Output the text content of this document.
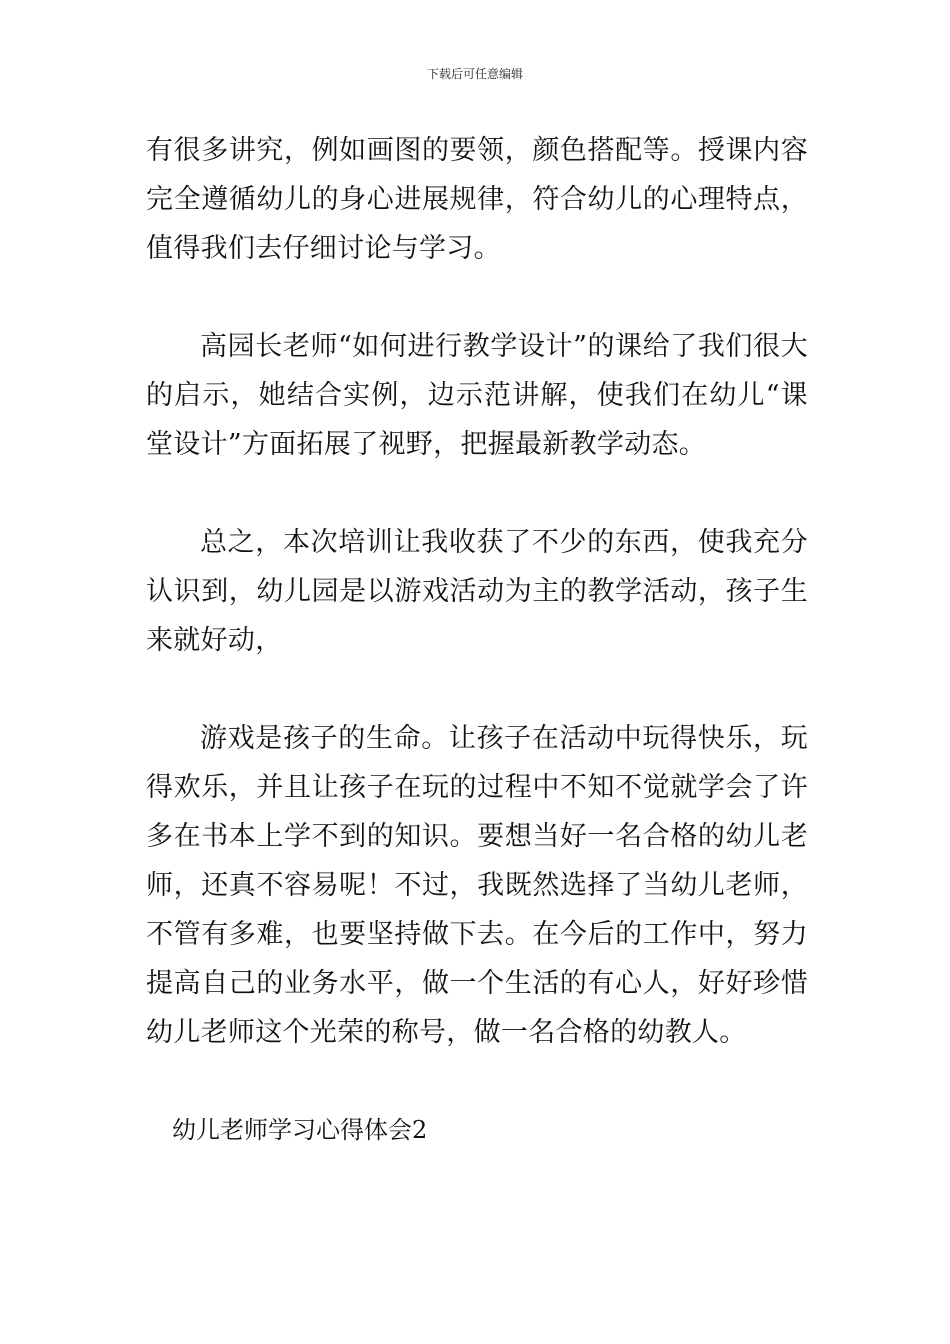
下载后可任意编辑

有很多讲究，例如画图的要领，颜色搭配等。授课内容完全遵循幼儿的身心进展规律，符合幼儿的心理特点，值得我们去仔细讨论与学习。

高园长老师“如何进行教学设计”的课给了我们很大的启示，她结合实例，边示范讲解，使我们在幼儿“课堂设计”方面拓展了视野，把握最新教学动态。

总之，本次培训让我收获了不少的东西，使我充分认识到，幼儿园是以游戏活动为主的教学活动，孩子生来就好动，

游戏是孩子的生命。让孩子在活动中玩得快乐，玩得欢乐，并且让孩子在玩的过程中不知不觉就学会了许多在书本上学不到的知识。要想当好一名合格的幼儿老师，还真不容易呢！不过，我既然选择了当幼儿老师，不管有多难，也要坚持做下去。在今后的工作中，努力提高自己的业务水平，做一个生活的有心人，好好珍惜幼儿老师这个光荣的称号，做一名合格的幼教人。

幼儿老师学习心得体会2
